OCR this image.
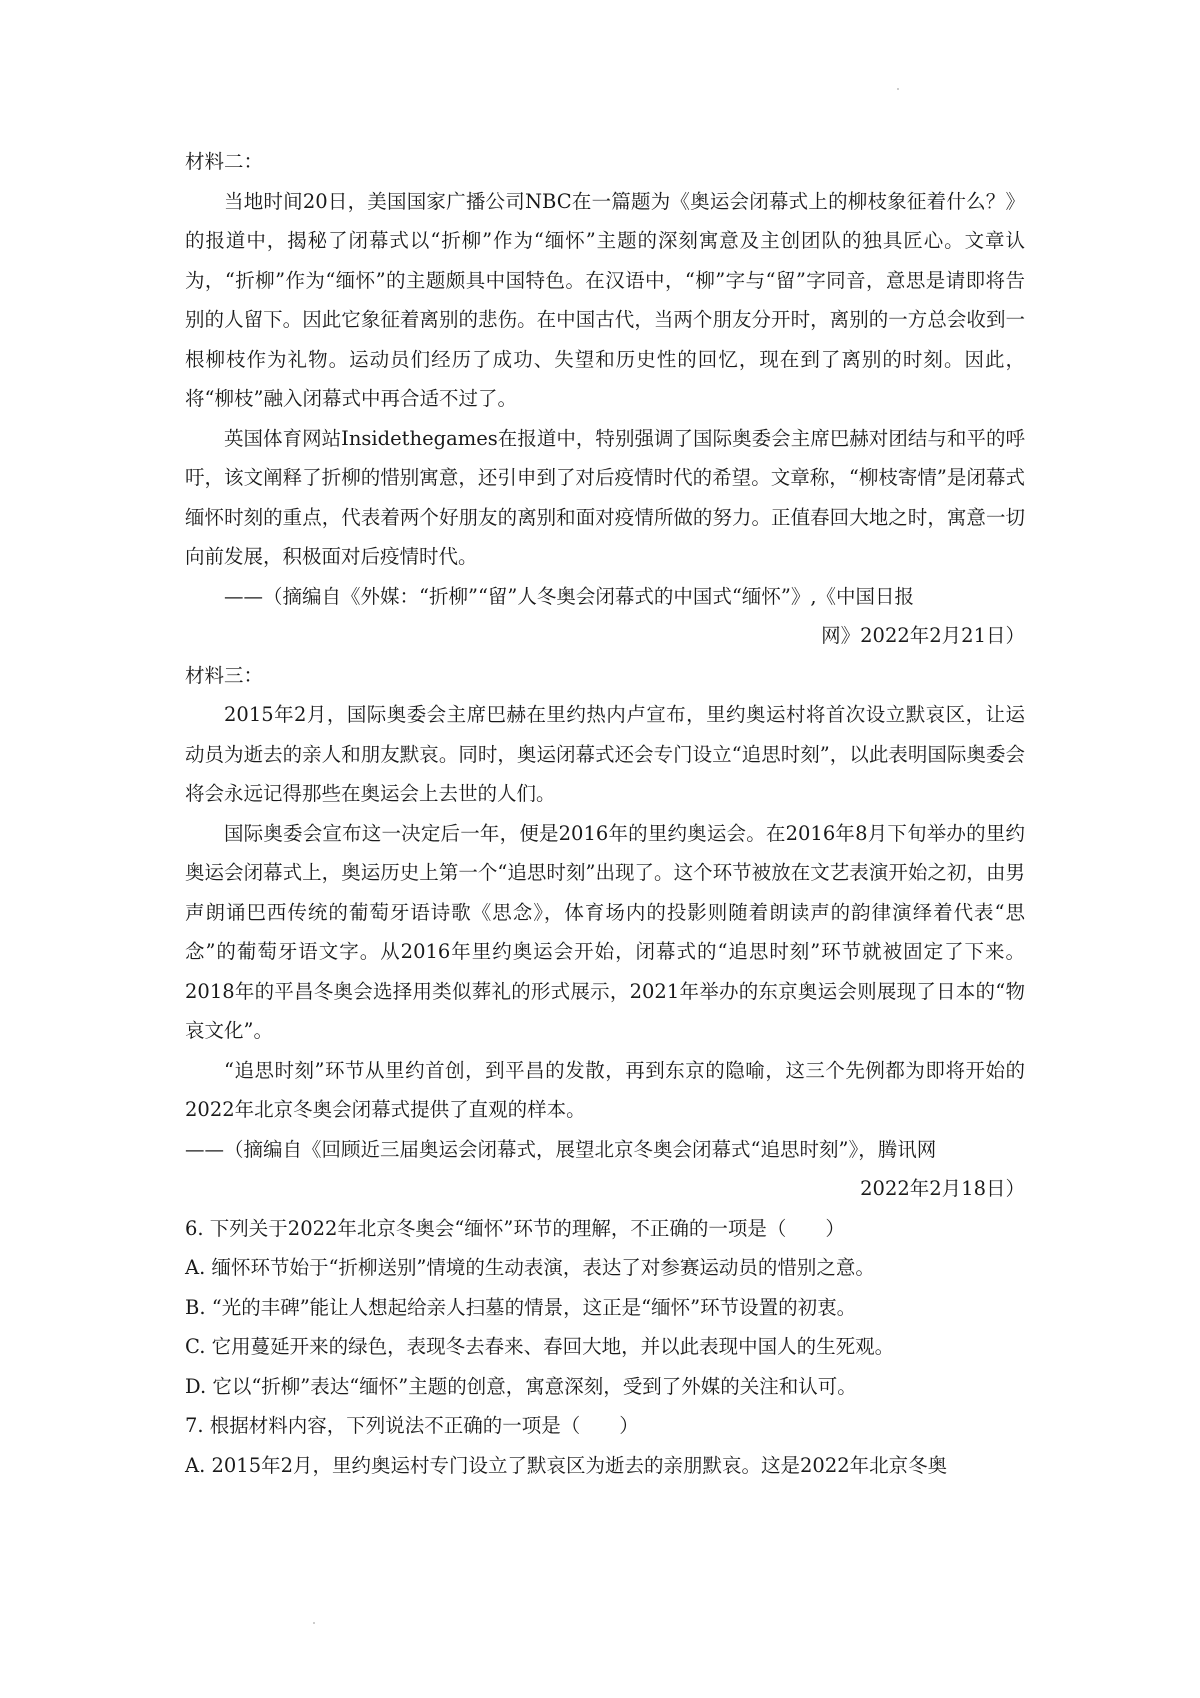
材料二：

当地时间20日，美国国家广播公司NBC在一篇题为《奥运会闭幕式上的柳枝象征着什么？》的报道中，揭秘了闭幕式以“折柳”作为“缅怀”主题的深刻寓意及主创团队的独具匠心。文章认为，“折柳”作为“缅怀”的主题颇具中国特色。在汉语中，“柳”字与“留”字同音，意思是请即将告别的人留下。因此它象征着离别的悲伤。在中国古代，当两个朋友分开时，离别的一方总会收到一根柳枝作为礼物。运动员们经历了成功、失望和历史性的回忆，现在到了离别的时刻。因此，将“柳枝”融入闭幕式中再合适不过了。

英国体育网站Insidethegames在报道中，特别强调了国际奥委会主席巴赫对团结与和平的呼吁，该文阐释了折柳的惜别寓意，还引申到了对后疫情时代的希望。文章称，“柳枝寄情”是闭幕式缅怀时刻的重点，代表着两个好朋友的离别和面对疫情所做的努力。正值春回大地之时，寓意一切向前发展，积极面对后疫情时代。

——（摘编自《外媒：“折柳”“留”人冬奥会闭幕式的中国式“缅怀”》,《中国日报

网》2022年2月21日）

材料三：

2015年2月，国际奥委会主席巴赫在里约热内卢宣布，里约奥运村将首次设立默哀区，让运动员为逝去的亲人和朋友默哀。同时，奥运闭幕式还会专门设立“追思时刻”，以此表明国际奥委会将会永远记得那些在奥运会上去世的人们。

国际奥委会宣布这一决定后一年，便是2016年的里约奥运会。在2016年8月下旬举办的里约奥运会闭幕式上，奥运历史上第一个“追思时刻”出现了。这个环节被放在文艺表演开始之初，由男声朗诵巴西传统的葡萄牙语诗歌《思念》，体育场内的投影则随着朗读声的韵律演绎着代表“思念”的葡萄牙语文字。从2016年里约奥运会开始，闭幕式的“追思时刻”环节就被固定了下来。2018年的平昌冬奥会选择用类似葬礼的形式展示，2021年举办的东京奥运会则展现了日本的“物哀文化”。

“追思时刻”环节从里约首创，到平昌的发散，再到东京的隐喻，这三个先例都为即将开始的2022年北京冬奥会闭幕式提供了直观的样本。

——（摘编自《回顾近三届奥运会闭幕式，展望北京冬奥会闭幕式“追思时刻”》，腾讯网

2022年2月18日）

6. 下列关于2022年北京冬奥会“缅怀”环节的理解，不正确的一项是（　　）

A. 缅怀环节始于“折柳送别”情境的生动表演，表达了对参赛运动员的惜别之意。

B. “光的丰碑”能让人想起给亲人扫墓的情景，这正是“缅怀”环节设置的初衷。

C. 它用蔓延开来的绿色，表现冬去春来、春回大地，并以此表现中国人的生死观。

D. 它以“折柳”表达“缅怀”主题的创意，寓意深刻，受到了外媒的关注和认可。

7. 根据材料内容，下列说法不正确的一项是（　　）

A. 2015年2月，里约奥运村专门设立了默哀区为逝去的亲朋默哀。这是2022年北京冬奥
